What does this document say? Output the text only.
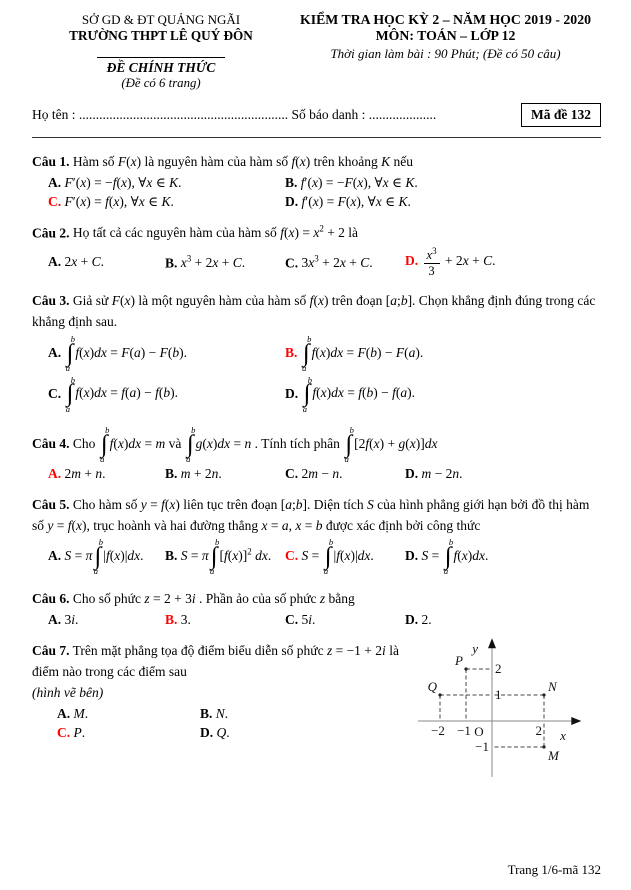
SỞ GD & ĐT QUẢNG NGÃI
TRƯỜNG THPT LÊ QUÝ ĐÔN
ĐỀ CHÍNH THỨC
(Đề có 6 trang)
KIỂM TRA HỌC KỲ 2 – NĂM HỌC 2019 - 2020
MÔN: TOÁN – LỚP 12
Thời gian làm bài : 90 Phút; (Đề có 50 câu)
Họ tên : .............................................................. Số báo danh : ....................	Mã đề 132
Câu 1. Hàm số F(x) là nguyên hàm của hàm số f(x) trên khoảng K nếu
A. F′(x) = −f(x), ∀x ∈ K.	B. f′(x) = −F(x), ∀x ∈ K.
C. F′(x) = f(x), ∀x ∈ K.	D. f′(x) = F(x), ∀x ∈ K.
Câu 2. Họ tất cả các nguyên hàm của hàm số $f(x) = x^2 + 2$ là
A. 2x + C.	B. $x^3 + 2x + C$.	C. $3x^3 + 2x + C$.	D. $\frac{x^3}{3} + 2x + C$.
Câu 3. Giả sử F(x) là một nguyên hàm của hàm số f(x) trên đoạn [a;b]. Chọn khẳng định đúng trong các khẳng định sau.
A.
b
∫
a
f(x)dx = F(a) − F(b).	B.
b
∫
a
f(x)dx = F(b) − F(a).
C.
b
∫
a
f(x)dx = f(a) − f(b).	D.
b
∫
a
f(x)dx = f(b) − f(a).
Câu 4. Cho
b
∫
a
f(x)dx = m và
b
∫
a
g(x)dx = n . Tính tích phân
b
∫
a
[2f(x) + g(x)]dx
A. 2m + n.	B. m + 2n.	C. 2m − n.	D. m − 2n.
Câu 5. Cho hàm số y = f(x) liên tục trên đoạn [a;b]. Diện tích S của hình phẳng giới hạn bởi đồ thị hàm số y = f(x), trục hoành và hai đường thẳng x = a, x = b được xác định bởi công thức
A. S = π
b
∫
a
|f(x)|dx.	B. S = π
b
∫
a
$[f(x)]^2$ dx.	C. S =
b
∫
a
|f(x)|dx.	D. S =
b
∫
a
f(x)dx.
Câu 6. Cho số phức z = 2 + 3i . Phần ảo của số phức z bằng
A. 3i.	B. 3.	C. 5i.	D. 2.
Câu 7. Trên mặt phẳng tọa độ điểm biểu diễn số phức z = −1 + 2i là điểm nào trong các điểm sau
(hình vẽ bên)
A. M.	B. N.
C. P.	D. Q.
y
x
O
P
Q	N
M
−2 −1	2
2
1
−1
Trang 1/6-mã 132
